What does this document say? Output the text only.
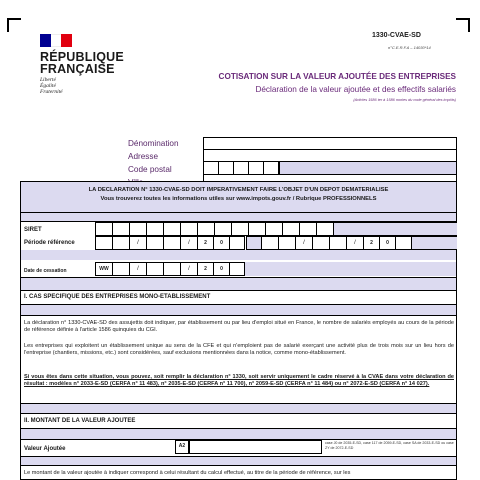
RÉPUBLIQUE
FRANÇAISE
Liberté
Égalité
Fraternité
1330-CVAE-SD
n°C.E.R.F.A – 14030*14
COTISATION SUR LA VALEUR AJOUTÉE DES ENTREPRISES
Déclaration de la valeur ajoutée et des effectifs salariés
(Articles 1586 ter à 1586 nonies du code général des impôts)
Dénomination
Adresse
Code postal
LA DECLARATION N° 1330-CVAE-SD DOIT IMPERATIVEMENT FAIRE L'OBJET D'UN DEPOT DEMATERIALISE
Vous trouverez toutes les informations utiles sur www.impots.gouv.fr / Rubrique PROFESSIONNELS
SIRET
Période référence	/	/	2	0	/	/	2	0
Date de cessation	WW	/	/	2	0
I. CAS SPECIFIQUE DES ENTREPRISES MONO-ETABLISSEMENT
La déclaration n° 1330-CVAE-SD des assujettis doit indiquer, par établissement ou par lieu d'emploi situé en France, le nombre de salariés employés au cours de la période de référence définie à l'article 1586 quinquies du CGI.
Les entreprises qui exploitent un établissement unique au sens de la CFE et qui n'emploient pas de salarié exerçant une activité plus de trois mois sur un lieu hors de l'entreprise (chantiers, missions, etc.) sont considérées, sauf exclusions mentionnées dans la notice, comme mono-établissement.
Si vous êtes dans cette situation, vous pouvez, soit remplir la déclaration n° 1330, soit servir uniquement le cadre réservé à la CVAE dans votre déclaration de résultat : modèles n° 2033-E-SD (CERFA n° 11 483), n° 2035-E-SD (CERFA n° 11 700), n° 2059-E-SD (CERFA n° 11 484) ou n° 2072-E-SD (CERFA n° 14 027).
II. MONTANT DE LA VALEUR AJOUTEE
Valeur Ajoutée	A2	case J0 de 2035-E-SD, case 117 de 2059-E-SD, case SA de 2033-E-SD ou case ZY de 2072-E-SD
Le montant de la valeur ajoutée à indiquer correspond à celui résultant du calcul effectué, au titre de la période de référence, sur les
